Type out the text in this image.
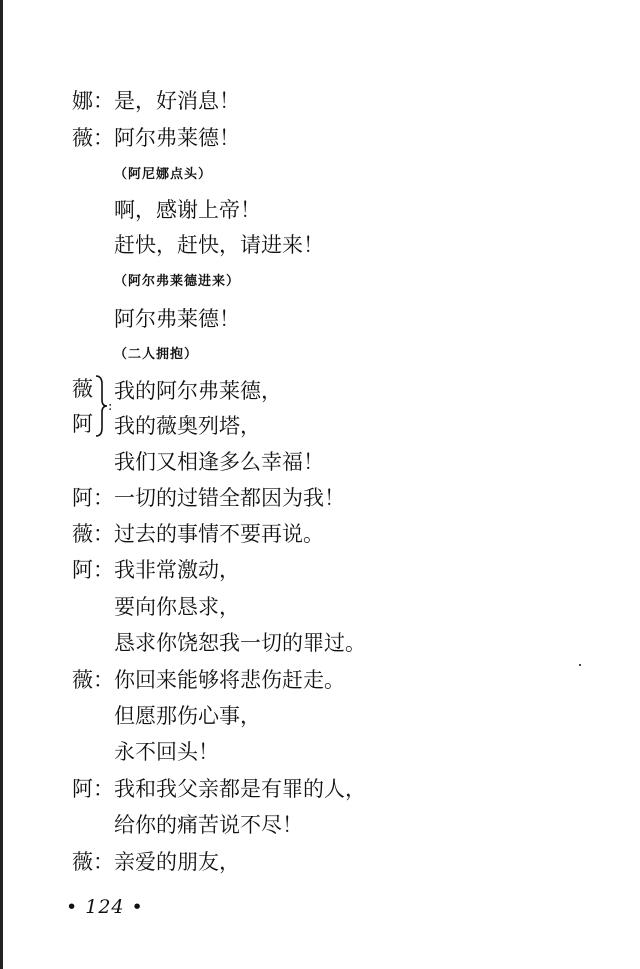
娜： 是，好消息！
薇： 阿尔弗莱德！
（阿尼娜点头）
啊，感谢上帝！
赶快，赶快，请进来！
（阿尔弗莱德进来）
阿尔弗莱德！
（二人拥抱）
薇
阿
:
我的阿尔弗莱德，
我的薇奥列塔，
我们又相逢多么幸福！
阿： 一切的过错全都因为我！
薇： 过去的事情不要再说。
阿： 我非常激动，
要向你恳求，
恳求你饶恕我一切的罪过。
薇： 你回来能够将悲伤赶走。
但愿那伤心事，
永不回头！
阿： 我和我父亲都是有罪的人，
给你的痛苦说不尽！
薇： 亲爱的朋友，
• 124 •
